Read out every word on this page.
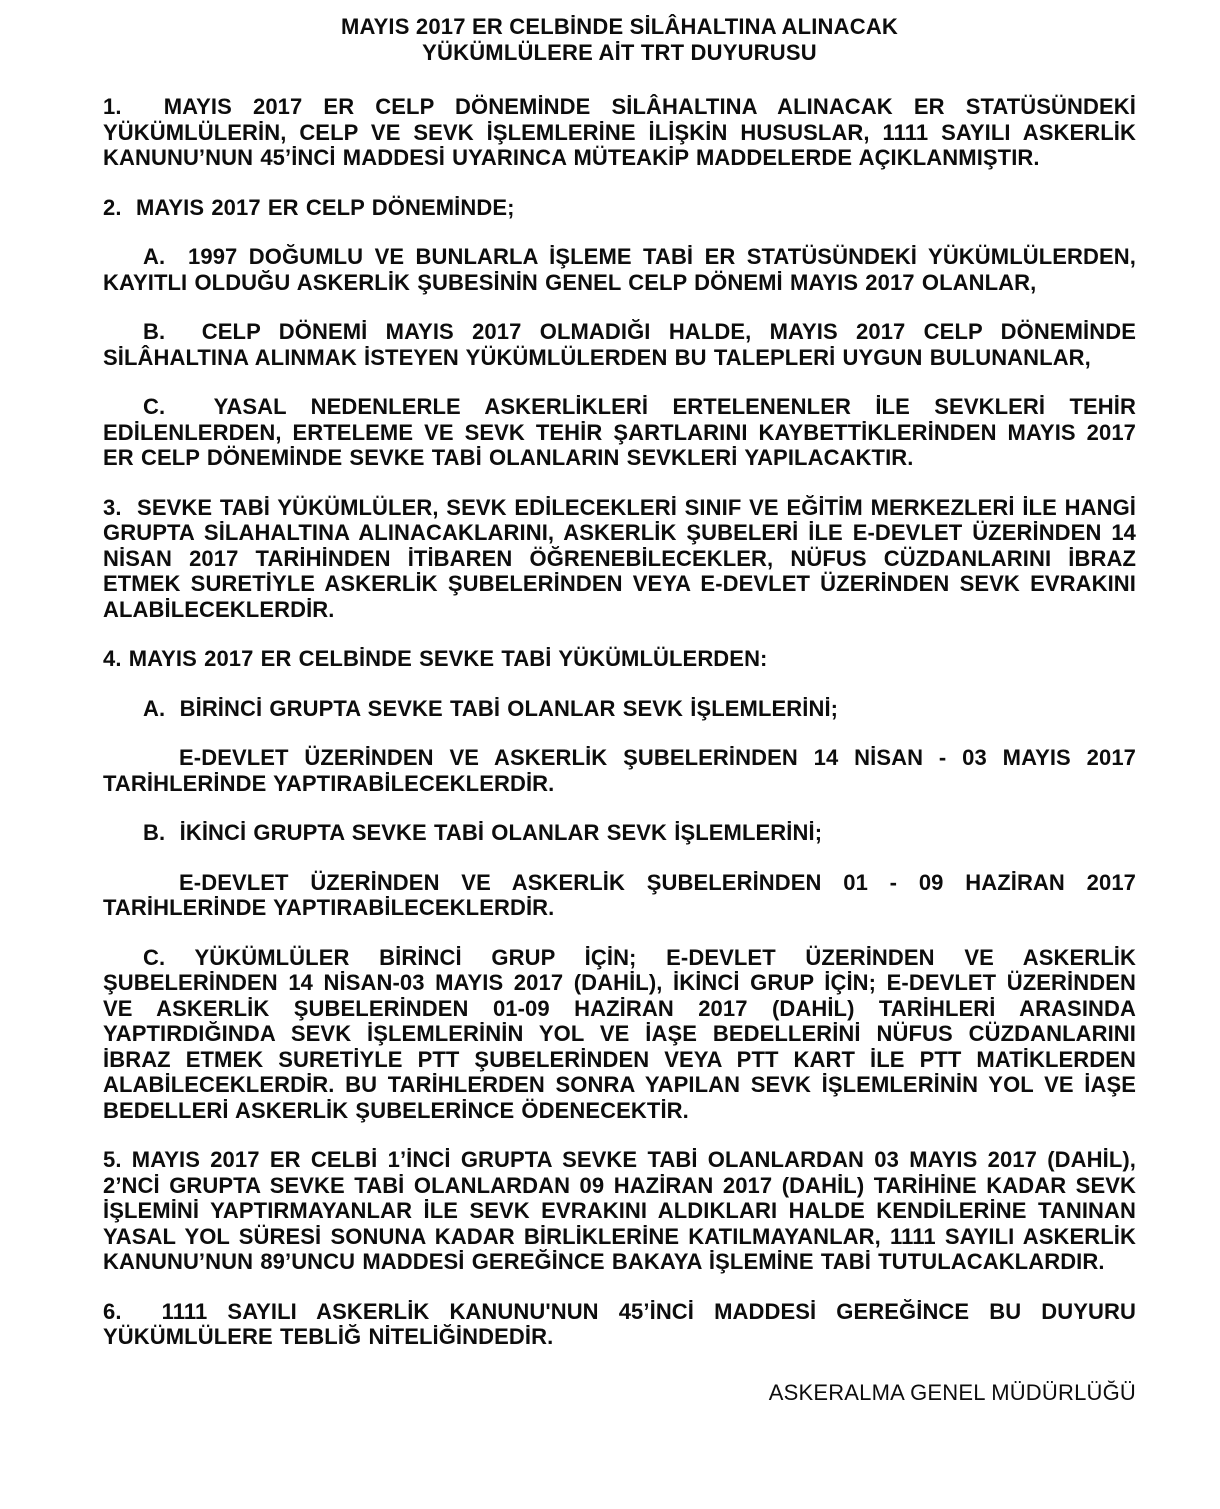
MAYIS 2017 ER CELBİNDE SİLÂHALTINA ALINACAK
YÜKÜMLÜLERE AİT TRT DUYURUSU

1.  MAYIS 2017 ER CELP DÖNEMİNDE SİLÂHALTINA ALINACAK ER STATÜSÜNDEKİ YÜKÜMLÜLERİN, CELP VE SEVK İŞLEMLERİNE İLİŞKİN HUSUSLAR, 1111 SAYILI ASKERLİK KANUNU’NUN 45’İNCİ MADDESİ UYARINCA MÜTEAKİP MADDELERDE AÇIKLANMIŞTIR.

2.  MAYIS 2017 ER CELP DÖNEMİNDE;

A.  1997 DOĞUMLU VE BUNLARLA İŞLEME TABİ ER STATÜSÜNDEKİ YÜKÜMLÜLERDEN, KAYITLI OLDUĞU ASKERLİK ŞUBESİNİN GENEL CELP DÖNEMİ MAYIS 2017 OLANLAR,

B.  CELP DÖNEMİ MAYIS 2017 OLMADIĞI HALDE, MAYIS 2017 CELP DÖNEMİNDE SİLÂHALTINA ALINMAK İSTEYEN YÜKÜMLÜLERDEN BU TALEPLERİ UYGUN BULUNANLAR,

C.  YASAL NEDENLERLE ASKERLİKLERİ ERTELENENLER İLE SEVKLERİ TEHİR EDİLENLERDEN, ERTELEME VE SEVK TEHİR ŞARTLARINI KAYBETTİKLERİNDEN MAYIS 2017 ER CELP DÖNEMİNDE SEVKE TABİ OLANLARIN SEVKLERİ YAPILACAKTIR.

3.  SEVKE TABİ YÜKÜMLÜLER, SEVK EDİLECEKLERİ SINIF VE EĞİTİM MERKEZLERİ İLE HANGİ GRUPTA SİLAHALTINA ALINACAKLARINI, ASKERLİK ŞUBELERİ İLE E-DEVLET ÜZERİNDEN 14 NİSAN 2017 TARİHİNDEN İTİBAREN ÖĞRENEBİLECEKLER, NÜFUS CÜZDANLARINI İBRAZ ETMEK SURETİYLE ASKERLİK ŞUBELERİNDEN VEYA E-DEVLET ÜZERİNDEN SEVK EVRAKINI ALABİLECEKLERDİR.

4. MAYIS 2017 ER CELBİNDE SEVKE TABİ YÜKÜMLÜLERDEN:

A.  BİRİNCİ GRUPTA SEVKE TABİ OLANLAR SEVK İŞLEMLERİNİ;

E-DEVLET ÜZERİNDEN VE ASKERLİK ŞUBELERİNDEN 14 NİSAN - 03 MAYIS 2017 TARİHLERİNDE YAPTIRABİLECEKLERDİR.

B.  İKİNCİ GRUPTA SEVKE TABİ OLANLAR SEVK İŞLEMLERİNİ;

E-DEVLET ÜZERİNDEN VE ASKERLİK ŞUBELERİNDEN 01 - 09 HAZİRAN 2017 TARİHLERİNDE YAPTIRABİLECEKLERDİR.

C. YÜKÜMLÜLER BİRİNCİ GRUP İÇİN; E-DEVLET ÜZERİNDEN VE ASKERLİK ŞUBELERİNDEN 14 NİSAN-03 MAYIS 2017 (DAHİL), İKİNCİ GRUP İÇİN; E-DEVLET ÜZERİNDEN VE ASKERLİK ŞUBELERİNDEN 01-09 HAZİRAN 2017 (DAHİL) TARİHLERİ ARASINDA YAPTIRDIĞINDA SEVK İŞLEMLERİNİN YOL VE İAŞE BEDELLERİNİ NÜFUS CÜZDANLARINI İBRAZ ETMEK SURETİYLE PTT ŞUBELERİNDEN VEYA PTT KART İLE PTT MATİKLERDEN ALABİLECEKLERDİR. BU TARİHLERDEN SONRA YAPILAN SEVK İŞLEMLERİNİN YOL VE İAŞE BEDELLERİ ASKERLİK ŞUBELERİNCE ÖDENECEKTİR.

5. MAYIS 2017 ER CELBİ 1’İNCİ GRUPTA SEVKE TABİ OLANLARDAN 03 MAYIS 2017 (DAHİL), 2’NCİ GRUPTA SEVKE TABİ OLANLARDAN 09 HAZİRAN 2017 (DAHİL) TARİHİNE KADAR SEVK İŞLEMİNİ YAPTIRMAYANLAR İLE SEVK EVRAKINI ALDIKLARI HALDE KENDİLERİNE TANINAN YASAL YOL SÜRESİ SONUNA KADAR BİRLİKLERİNE KATILMAYANLAR, 1111 SAYILI ASKERLİK KANUNU’NUN 89’UNCU MADDESİ GEREĞİNCE BAKAYA İŞLEMİNE TABİ TUTULACAKLARDIR.

6.  1111 SAYILI ASKERLİK KANUNU'NUN 45’İNCİ MADDESİ GEREĞİNCE BU DUYURU YÜKÜMLÜLERE TEBLİĞ NİTELİĞİNDEDİR.

ASKERALMA GENEL MÜDÜRLÜĞÜ
